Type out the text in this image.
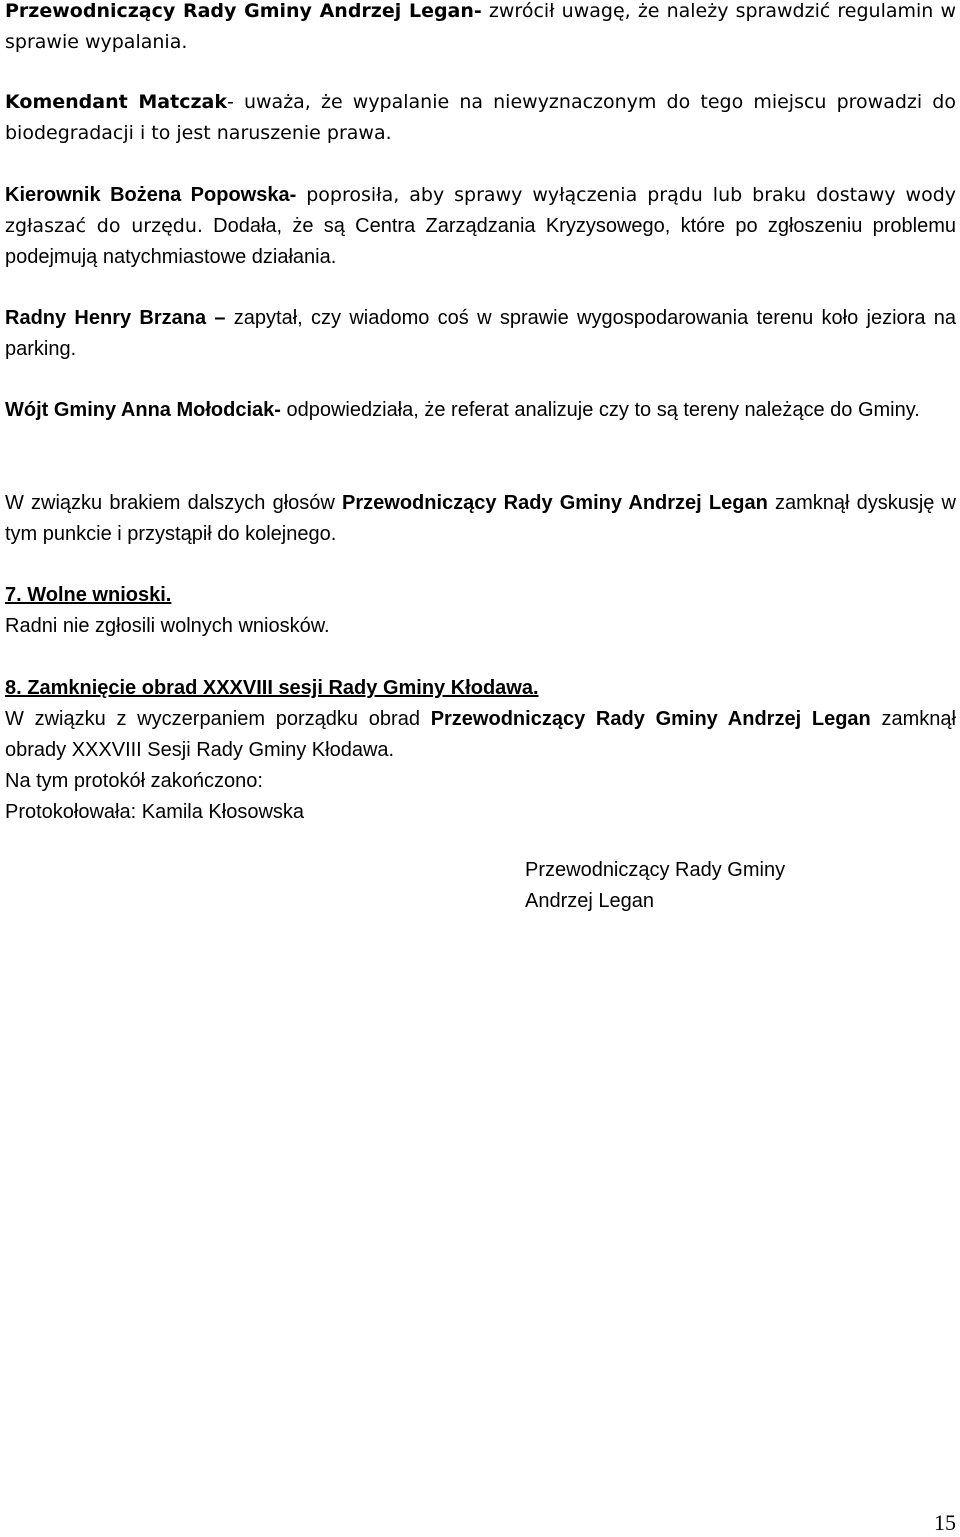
Przewodniczący Rady Gminy Andrzej Legan- zwrócił uwagę, że należy sprawdzić regulamin w sprawie wypalania.

Komendant Matczak- uważa, że wypalanie na niewyznaczonym do tego miejscu prowadzi do biodegradacji i to jest naruszenie prawa.

Kierownik Bożena Popowska- poprosiła, aby sprawy wyłączenia prądu lub braku dostawy wody zgłaszać do urzędu. Dodała, że są Centra Zarządzania Kryzysowego, które po zgłoszeniu problemu podejmują natychmiastowe działania.

Radny Henry Brzana – zapytał, czy wiadomo coś w sprawie wygospodarowania terenu koło jeziora na parking.

Wójt Gminy Anna Mołodciak- odpowiedziała, że referat analizuje czy to są tereny należące do Gminy.

W związku brakiem dalszych głosów Przewodniczący Rady Gminy Andrzej Legan zamknął dyskusję w tym punkcie i przystąpił do kolejnego.

7. Wolne wnioski.
Radni nie zgłosili wolnych wniosków.
8. Zamknięcie obrad XXXVIII sesji Rady Gminy Kłodawa.
W związku z wyczerpaniem porządku obrad Przewodniczący Rady Gminy Andrzej Legan zamknął obrady XXXVIII Sesji Rady Gminy Kłodawa.
Na tym protokół zakończono:
Protokołowała: Kamila Kłosowska
Przewodniczący Rady Gminy
Andrzej Legan
15
